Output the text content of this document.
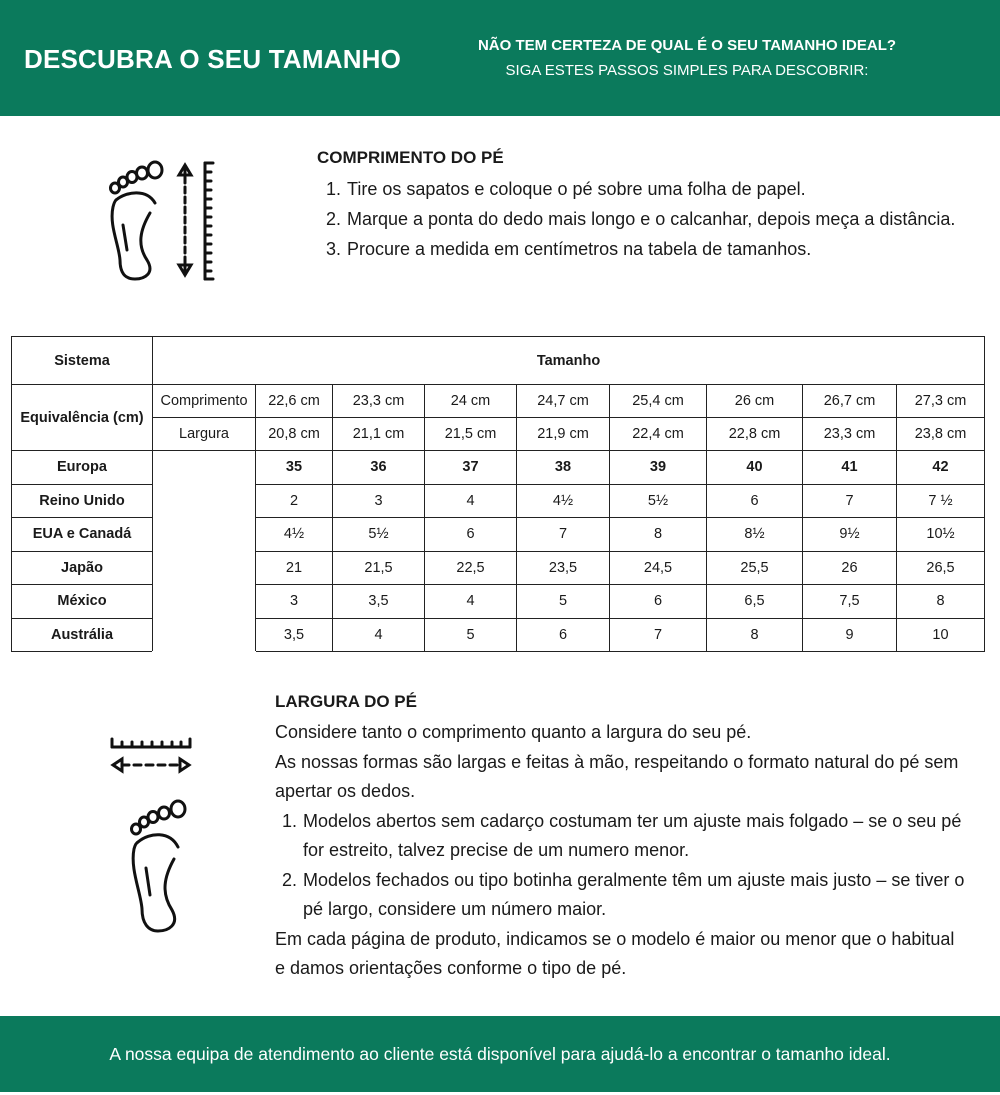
DESCUBRA O SEU TAMANHO	NÃO TEM CERTEZA DE QUAL É O SEU TAMANHO IDEAL?
SIGA ESTES PASSOS SIMPLES PARA DESCOBRIR:
COMPRIMENTO DO PÉ
1. Tire os sapatos e coloque o pé sobre uma folha de papel.
2. Marque a ponta do dedo mais longo e o calcanhar, depois meça a distância.
3. Procure a medida em centímetros na tabela de tamanhos.
Sistema	Tamanho								
Equivalência (cm)	Comprimento	22,6 cm	23,3 cm	24 cm	24,7 cm	25,4 cm	26 cm	26,7 cm	27,3 cm
	Largura	20,8 cm	21,1 cm	21,5 cm	21,9 cm	22,4 cm	22,8 cm	23,3 cm	23,8 cm
Europa		35	36	37	38	39	40	41	42
Reino Unido		2	3	4	4½	5½	6	7	7 ½
EUA e Canadá		4½	5½	6	7	8	8½	9½	10½
Japão		21	21,5	22,5	23,5	24,5	25,5	26	26,5
México		3	3,5	4	5	6	6,5	7,5	8
Austrália		3,5	4	5	6	7	8	9	10
LARGURA DO PÉ

Considere tanto o comprimento quanto a largura do seu pé.

As nossas formas são largas e feitas à mão, respeitando o formato natural do pé sem apertar os dedos.

1. Modelos abertos sem cadarço costumam ter um ajuste mais folgado – se o seu pé for estreito, talvez precise de um numero menor.
2. Modelos fechados ou tipo botinha geralmente têm um ajuste mais justo – se tiver o pé largo, considere um número maior.

Em cada página de produto, indicamos se o modelo é maior ou menor que o habitual e damos orientações conforme o tipo de pé.

A nossa equipa de atendimento ao cliente está disponível para ajudá-lo a encontrar o tamanho ideal.
